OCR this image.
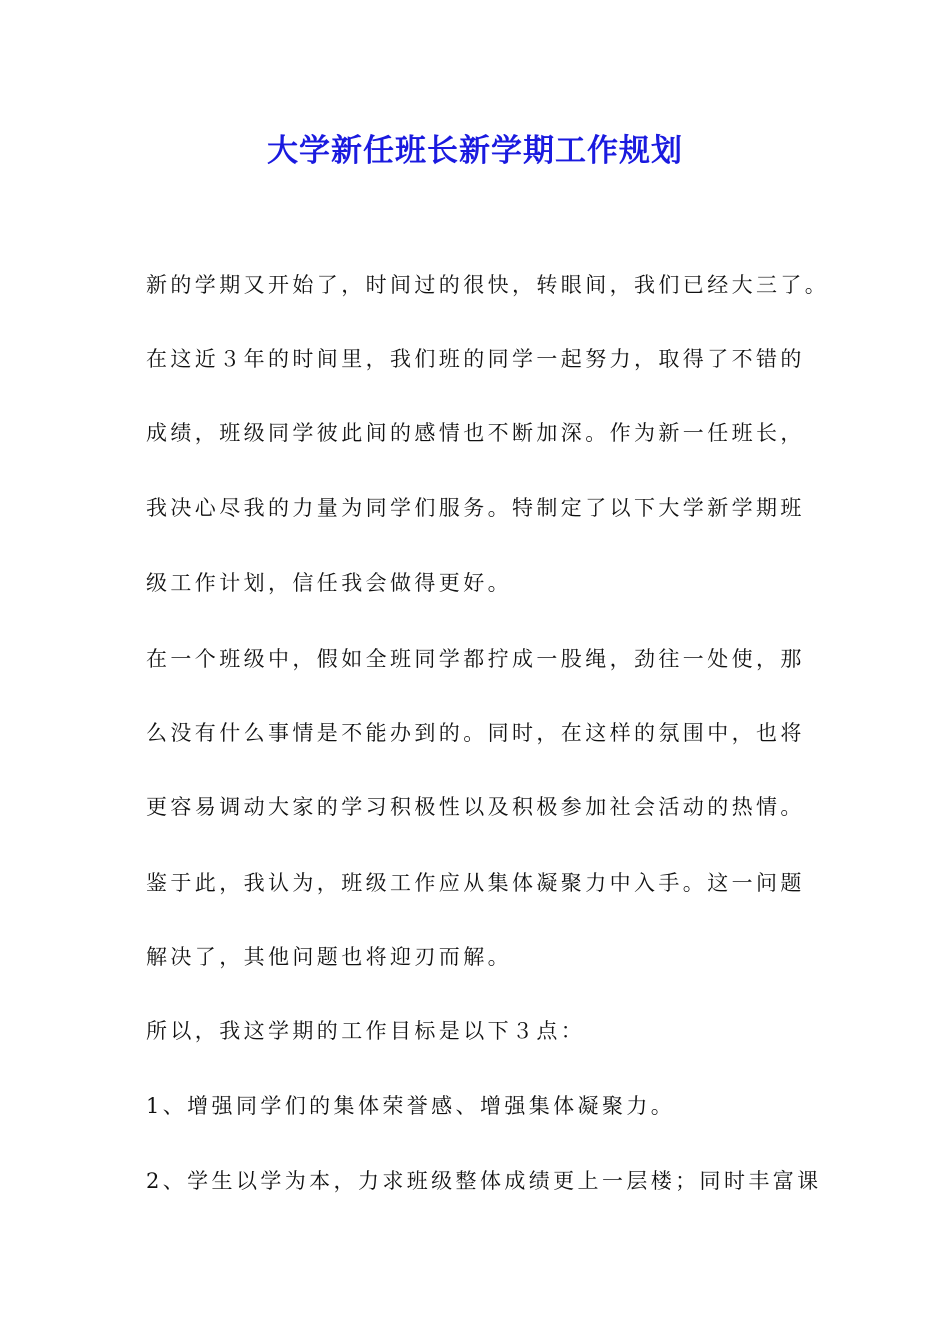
大学新任班长新学期工作规划
新的学期又开始了，时间过的很快，转眼间，我们已经大三了。
在这近３年的时间里，我们班的同学一起努力，取得了不错的
成绩，班级同学彼此间的感情也不断加深。作为新一任班长，
我决心尽我的力量为同学们服务。特制定了以下大学新学期班
级工作计划，信任我会做得更好。
在一个班级中，假如全班同学都拧成一股绳，劲往一处使，那
么没有什么事情是不能办到的。同时，在这样的氛围中，也将
更容易调动大家的学习积极性以及积极参加社会活动的热情。
鉴于此，我认为，班级工作应从集体凝聚力中入手。这一问题
解决了，其他问题也将迎刃而解。
所以，我这学期的工作目标是以下３点：
1、增强同学们的集体荣誉感、增强集体凝聚力。
2、学生以学为本，力求班级整体成绩更上一层楼；同时丰富课
